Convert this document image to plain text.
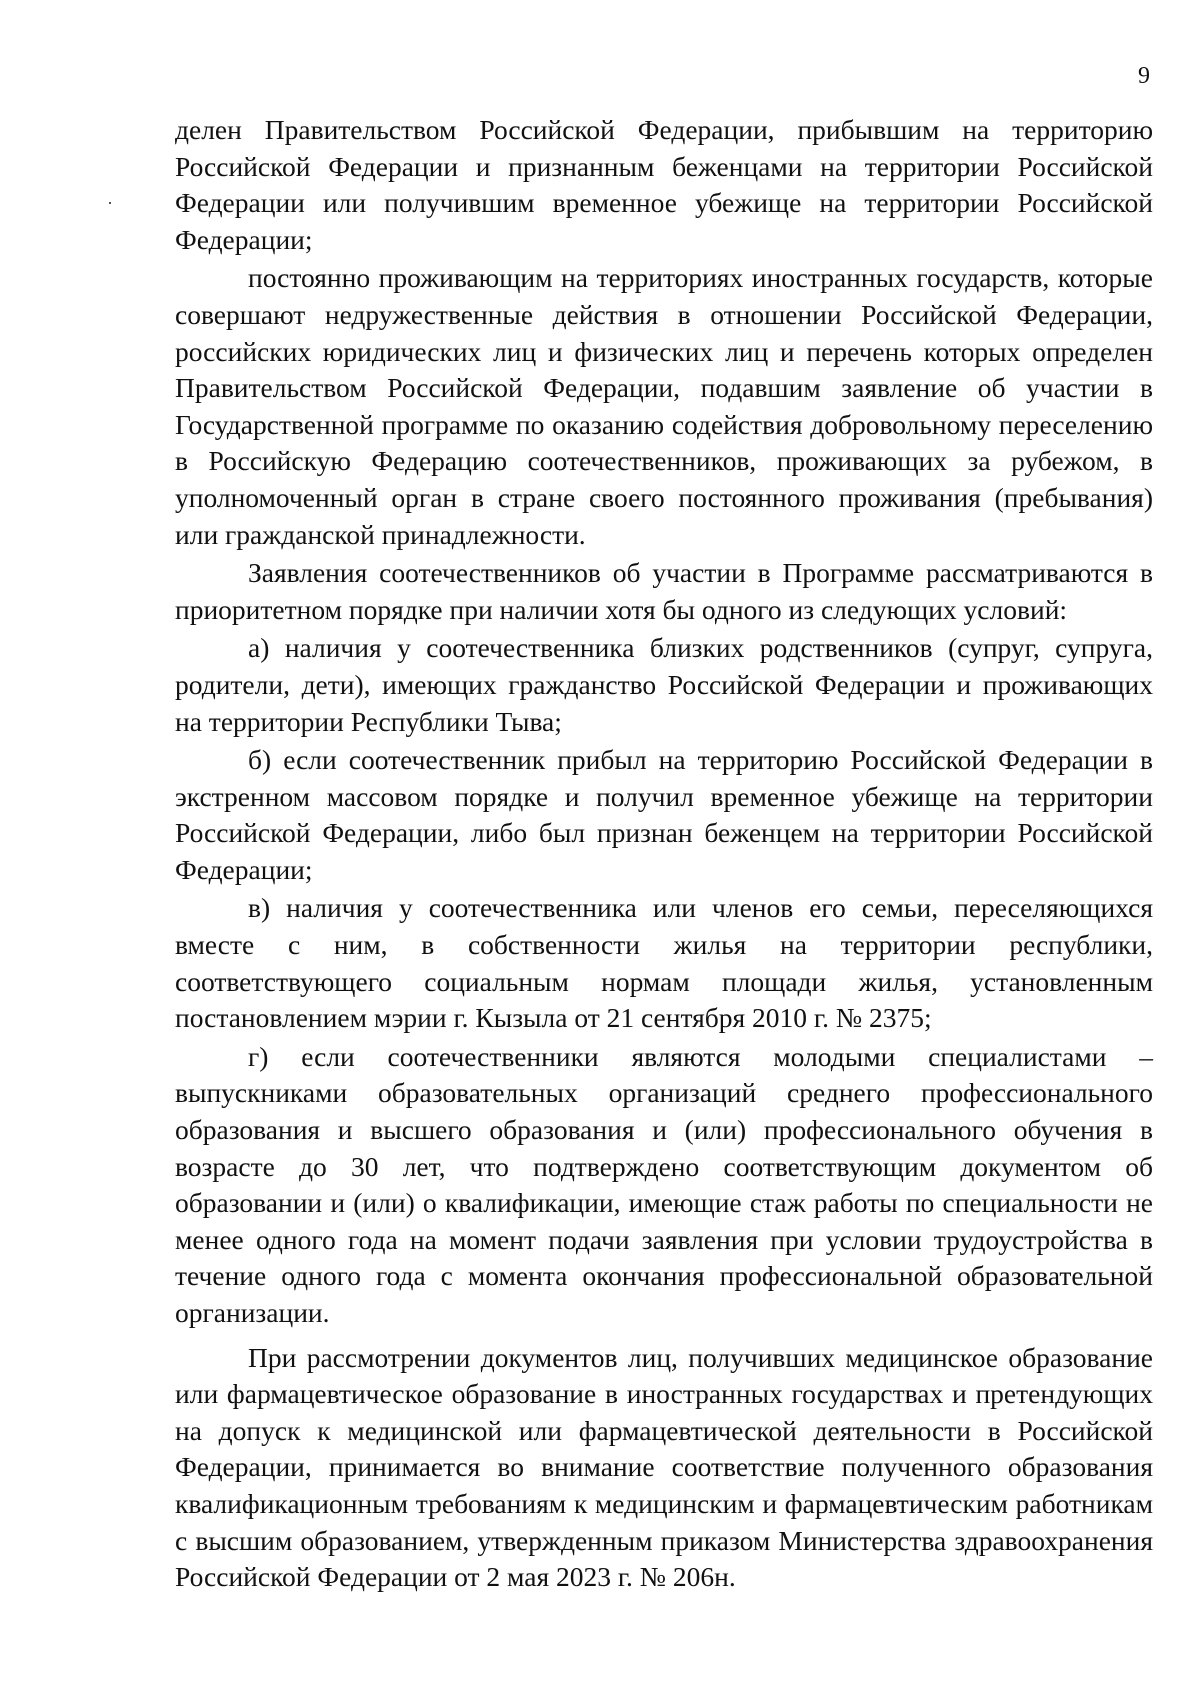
9

делен Правительством Российской Федерации, прибывшим на территорию Российской Федерации и признанным беженцами на территории Российской Федерации или получившим временное убежище на территории Российской Федерации;

постоянно проживающим на территориях иностранных государств, которые совершают недружественные действия в отношении Российской Федерации, российских юридических лиц и физических лиц и перечень которых определен Правительством Российской Федерации, подавшим заявление об участии в Государственной программе по оказанию содействия добровольному переселению в Российскую Федерацию соотечественников, проживающих за рубежом, в уполномоченный орган в стране своего постоянного проживания (пребывания) или гражданской принадлежности.

Заявления соотечественников об участии в Программе рассматриваются в приоритетном порядке при наличии хотя бы одного из следующих условий:

а) наличия у соотечественника близких родственников (супруг, супруга, родители, дети), имеющих гражданство Российской Федерации и проживающих на территории Республики Тыва;

б) если соотечественник прибыл на территорию Российской Федерации в экстренном массовом порядке и получил временное убежище на территории Российской Федерации, либо был признан беженцем на территории Российской Федерации;

в) наличия у соотечественника или членов его семьи, переселяющихся вместе с ним, в собственности жилья на территории республики, соответствующего социальным нормам площади жилья, установленным постановлением мэрии г. Кызыла от 21 сентября 2010 г. № 2375;

г) если соотечественники являются молодыми специалистами – выпускниками образовательных организаций среднего профессионального образования и высшего образования и (или) профессионального обучения в возрасте до 30 лет, что подтверждено соответствующим документом об образовании и (или) о квалификации, имеющие стаж работы по специальности не менее одного года на момент подачи заявления при условии трудоустройства в течение одного года с момента окончания профессиональной образовательной организации.

При рассмотрении документов лиц, получивших медицинское образование или фармацевтическое образование в иностранных государствах и претендующих на допуск к медицинской или фармацевтической деятельности в Российской Федерации, принимается во внимание соответствие полученного образования квалификационным требованиям к медицинским и фармацевтическим работникам с высшим образованием, утвержденным приказом Министерства здравоохранения Российской Федерации от 2 мая 2023 г. № 206н.
